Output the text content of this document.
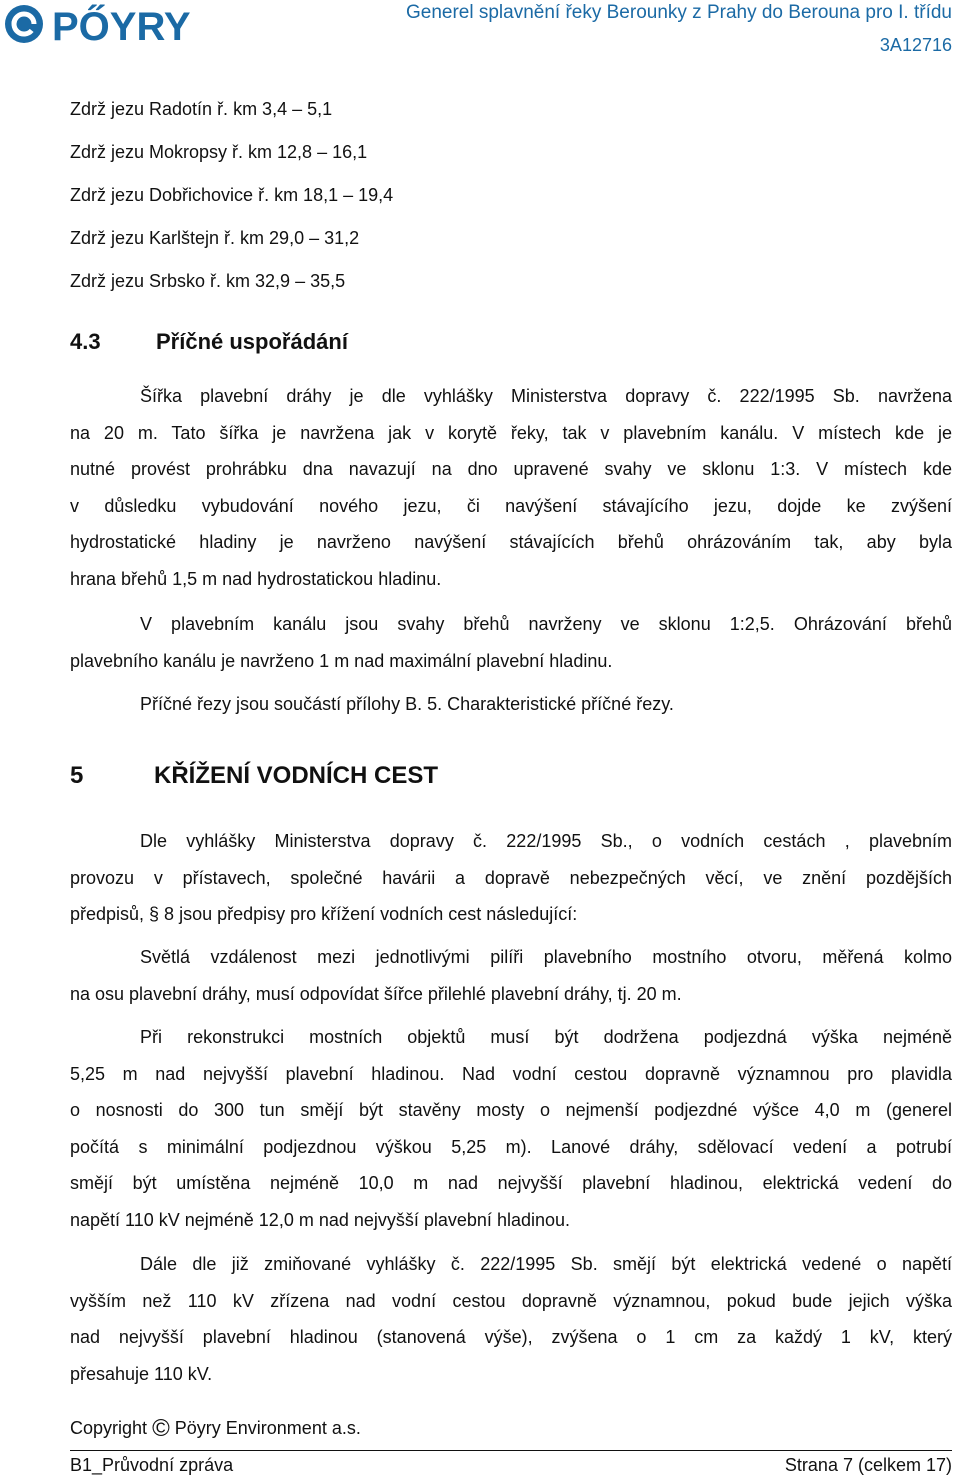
PŐYRY	Generel splavnění řeky Berounky z Prahy do Berouna pro I. třídu
3A12716
Zdrž jezu Radotín ř. km 3,4 – 5,1
Zdrž jezu Mokropsy ř. km 12,8 – 16,1
Zdrž jezu Dobřichovice ř. km 18,1 – 19,4
Zdrž jezu Karlštejn ř. km 29,0 – 31,2
Zdrž jezu Srbsko ř. km 32,9 – 35,5
4.3	Příčné uspořádání
Šířka plavební dráhy je dle vyhlášky Ministerstva dopravy č. 222/1995 Sb. navržena
na 20 m. Tato šířka je navržena jak v korytě řeky, tak v plavebním kanálu. V místech kde je
nutné provést prohrábku dna navazují na dno upravené svahy ve sklonu 1:3. V místech kde
v důsledku vybudování nového jezu, či navýšení stávajícího jezu, dojde ke zvýšení
hydrostatické hladiny je navrženo navýšení stávajících břehů ohrázováním tak, aby byla
hrana břehů 1,5 m nad hydrostatickou hladinu.
V plavebním kanálu jsou svahy břehů navrženy ve sklonu 1:2,5. Ohrázování břehů
plavebního kanálu je navrženo 1 m nad maximální plavební hladinu.
Příčné řezy jsou součástí přílohy B. 5. Charakteristické příčné řezy.
5	KŘÍŽENÍ VODNÍCH CEST
Dle vyhlášky Ministerstva dopravy č. 222/1995 Sb., o vodních cestách , plavebním
provozu v přístavech, společné havárii a dopravě nebezpečných věcí, ve znění pozdějších
předpisů, § 8 jsou předpisy pro křížení vodních cest následující:
Světlá vzdálenost mezi jednotlivými pilíři plavebního mostního otvoru, měřená kolmo
na osu plavební dráhy, musí odpovídat šířce přilehlé plavební dráhy, tj. 20 m.
Při rekonstrukci mostních objektů musí být dodržena podjezdná výška nejméně
5,25 m nad nejvyšší plavební hladinou. Nad vodní cestou dopravně významnou pro plavidla
o nosnosti do 300 tun smějí být stavěny mosty o nejmenší podjezdné výšce 4,0 m (generel
počítá s minimální podjezdnou výškou 5,25 m). Lanové dráhy, sdělovací vedení a potrubí
smějí být umístěna nejméně 10,0 m nad nejvyšší plavební hladinou, elektrická vedení do
napětí 110 kV nejméně 12,0 m nad nejvyšší plavební hladinou.
Dále dle již zmiňované vyhlášky č. 222/1995 Sb. smějí být elektrická vedené o napětí
vyšším než 110 kV zřízena nad vodní cestou dopravně významnou, pokud bude jejich výška
nad nejvyšší plavební hladinou (stanovená výše), zvýšena o 1 cm za každý 1 kV, který
přesahuje 110 kV.
Copyright © Pöyry Environment a.s.
B1_Průvodní zpráva	Strana 7 (celkem 17)
